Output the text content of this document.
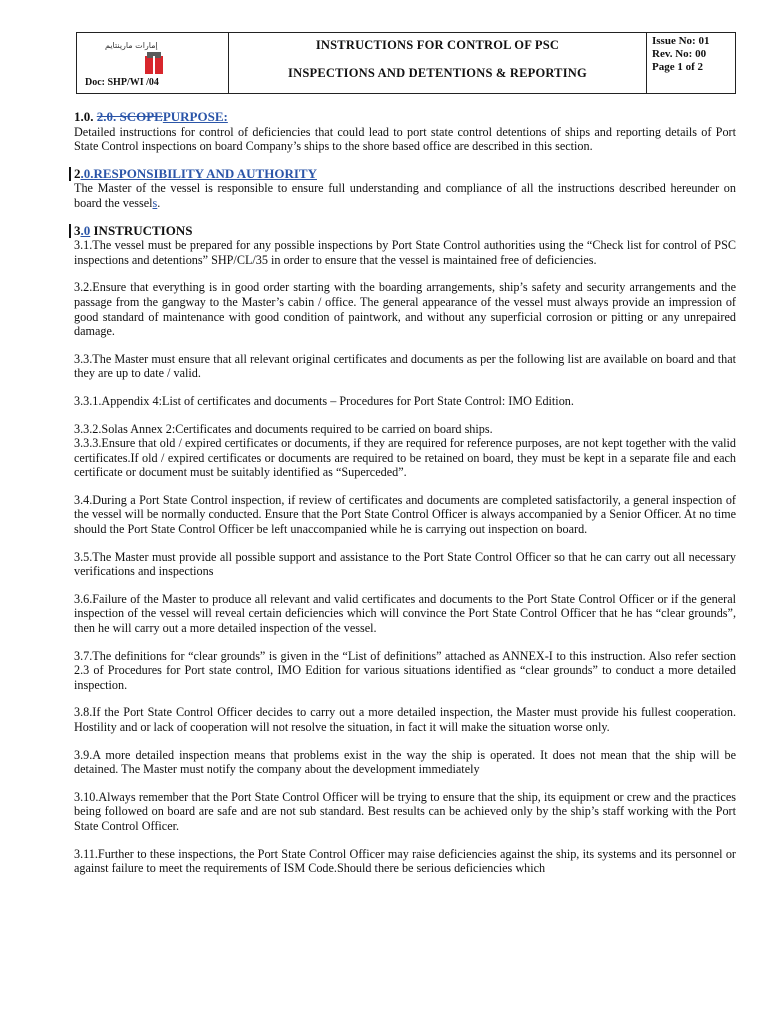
إمارات مارينتايم
Doc: SHP/WI /04
INSTRUCTIONS FOR CONTROL OF PSC
INSPECTIONS AND DETENTIONS & REPORTING
Issue No: 01
Rev. No: 00
Page 1 of 2
1.0. 2.0. SCOPEPURPOSE:

Detailed instructions for control of deficiencies that could lead to port state control detentions of ships and reporting details of Port State Control inspections on board Company’s ships to the shore based office are described in this section.

2.0.RESPONSIBILITY AND AUTHORITY

The Master of the vessel is responsible to ensure full understanding and compliance of all the instructions described hereunder on board the vessels.

3.0 INSTRUCTIONS

3.1.The vessel must be prepared for any possible inspections by Port State Control authorities using the “Check list for control of PSC inspections and detentions” SHP/CL/35 in order to ensure that the vessel is maintained free of deficiencies.

3.2.Ensure that everything is in good order starting with the boarding arrangements, ship’s safety and security arrangements and the passage from the gangway to the Master’s cabin / office. The general appearance of the vessel must always provide an impression of good standard of maintenance with good condition of paintwork, and without any superficial corrosion or pitting or any unrepaired damage.

3.3.The Master must ensure that all relevant original certificates and documents as per the following list are available on board and that they are up to date / valid.

3.3.1.Appendix 4:List of certificates and documents – Procedures for Port State Control: IMO Edition.

3.3.2.Solas Annex 2:Certificates and documents required to be carried on board ships.

3.3.3.Ensure that old / expired certificates or documents, if they are required for reference purposes, are not kept together with the valid certificates.If old / expired certificates or documents are required to be retained on board, they must be kept in a separate file and each certificate or document must be suitably identified as “Superceded”.

3.4.During a Port State Control inspection, if review of certificates and documents are completed satisfactorily, a general inspection of the vessel will be normally conducted. Ensure that the Port State Control Officer is always accompanied by a Senior Officer. At no time should the Port State Control Officer be left unaccompanied while he is carrying out inspection on board.

3.5.The Master must provide all possible support and assistance to the Port State Control Officer so that he can carry out all necessary verifications and inspections

3.6.Failure of the Master to produce all relevant and valid certificates and documents to the Port State Control Officer or if the general inspection of the vessel will reveal certain deficiencies which will convince the Port State Control Officer that he has “clear grounds”, then he will carry out a more detailed inspection of the vessel.

3.7.The definitions for “clear grounds” is given in the “List of definitions” attached as ANNEX-I to this instruction. Also refer section 2.3 of Procedures for Port state control, IMO Edition for various situations identified as “clear grounds” to conduct a more detailed inspection.

3.8.If the Port State Control Officer decides to carry out a more detailed inspection, the Master must provide his fullest cooperation. Hostility and or lack of cooperation will not resolve the situation, in fact it will make the situation worse only.

3.9.A more detailed inspection means that problems exist in the way the ship is operated. It does not mean that the ship will be detained. The Master must notify the company about the development immediately

3.10.Always remember that the Port State Control Officer will be trying to ensure that the ship, its equipment or crew and the practices being followed on board are safe and are not sub standard. Best results can be achieved only by the ship’s staff working with the Port State Control Officer.

3.11.Further to these inspections, the Port State Control Officer may raise deficiencies against the ship, its systems and its personnel or against failure to meet the requirements of ISM Code.Should there be serious deficiencies which
